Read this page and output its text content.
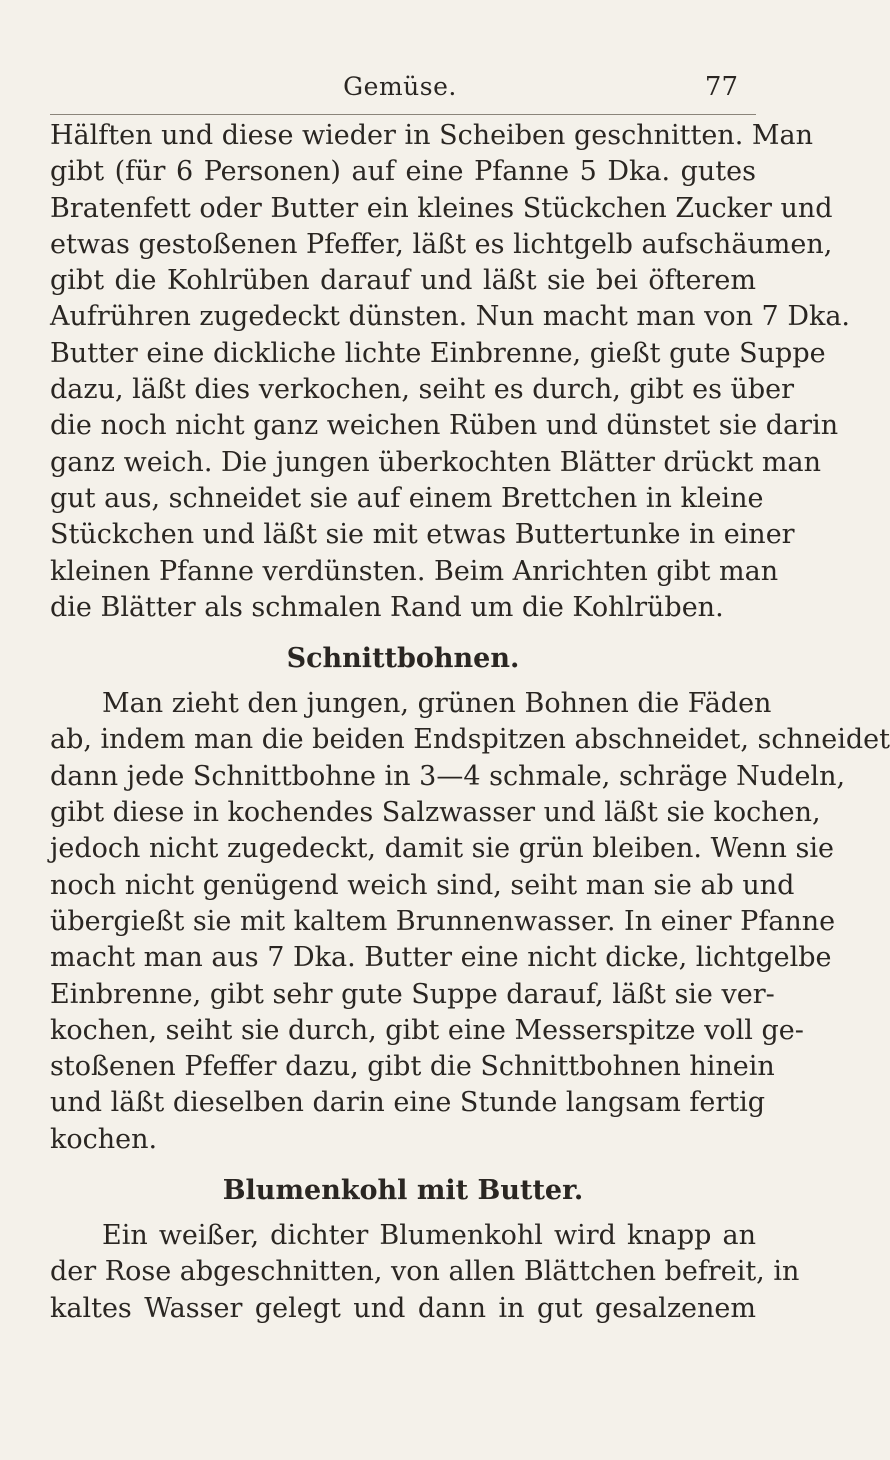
Gemüse.	77
Hälften und diese wieder in Scheiben geschnitten. Man
gibt (für 6 Personen) auf eine Pfanne 5 Dka. gutes
Bratenfett oder Butter ein kleines Stückchen Zucker und
etwas gestoßenen Pfeffer, läßt es lichtgelb aufschäumen,
gibt die Kohlrüben darauf und läßt sie bei öfterem
Aufrühren zugedeckt dünsten. Nun macht man von 7 Dka.
Butter eine dickliche lichte Einbrenne, gießt gute Suppe
dazu, läßt dies verkochen, seiht es durch, gibt es über
die noch nicht ganz weichen Rüben und dünstet sie darin
ganz weich. Die jungen überkochten Blätter drückt man
gut aus, schneidet sie auf einem Brettchen in kleine
Stückchen und läßt sie mit etwas Buttertunke in einer
kleinen Pfanne verdünsten. Beim Anrichten gibt man
die Blätter als schmalen Rand um die Kohlrüben.
Schnittbohnen.
Man zieht den jungen, grünen Bohnen die Fäden
ab, indem man die beiden Endspitzen abschneidet, schneidet
dann jede Schnittbohne in 3—4 schmale, schräge Nudeln,
gibt diese in kochendes Salzwasser und läßt sie kochen,
jedoch nicht zugedeckt, damit sie grün bleiben. Wenn sie
noch nicht genügend weich sind, seiht man sie ab und
übergießt sie mit kaltem Brunnenwasser. In einer Pfanne
macht man aus 7 Dka. Butter eine nicht dicke, lichtgelbe
Einbrenne, gibt sehr gute Suppe darauf, läßt sie ver-
kochen, seiht sie durch, gibt eine Messerspitze voll ge-
stoßenen Pfeffer dazu, gibt die Schnittbohnen hinein
und läßt dieselben darin eine Stunde langsam fertig
kochen.
Blumenkohl mit Butter.
Ein weißer, dichter Blumenkohl wird knapp an
der Rose abgeschnitten, von allen Blättchen befreit, in
kaltes Wasser gelegt und dann in gut gesalzenem
